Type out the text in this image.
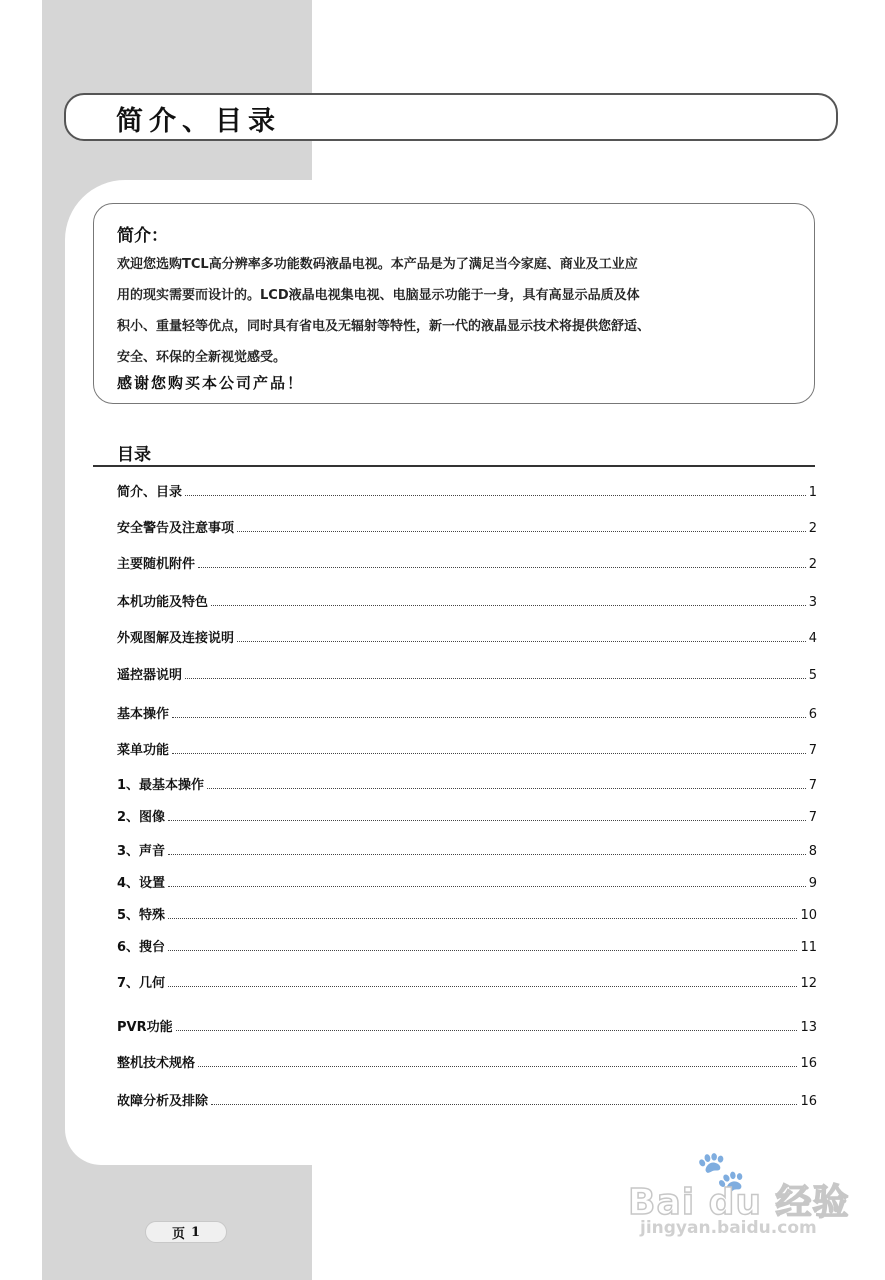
简介、目录
简介：
欢迎您选购TCL高分辨率多功能数码液晶电视。本产品是为了满足当今家庭、商业及工业应
用的现实需要而设计的。LCD液晶电视集电视、电脑显示功能于一身，具有高显示品质及体
积小、重量轻等优点，同时具有省电及无辐射等特性，新一代的液晶显示技术将提供您舒适、
安全、环保的全新视觉感受。
感谢您购买本公司产品！
目录
简介、目录	1
安全警告及注意事项	2
主要随机附件	2
本机功能及特色	3
外观图解及连接说明	4
遥控器说明	5
基本操作	6
菜单功能	7
1、最基本操作	7
2、图像	7
3、声音	8
4、设置	9
5、特殊	10
6、搜台	11
7、几何	12
PVR功能	13
整机技术规格	16
故障分析及排除	16
页 1
🐾
Bai du 经验
jingyan.baidu.com
